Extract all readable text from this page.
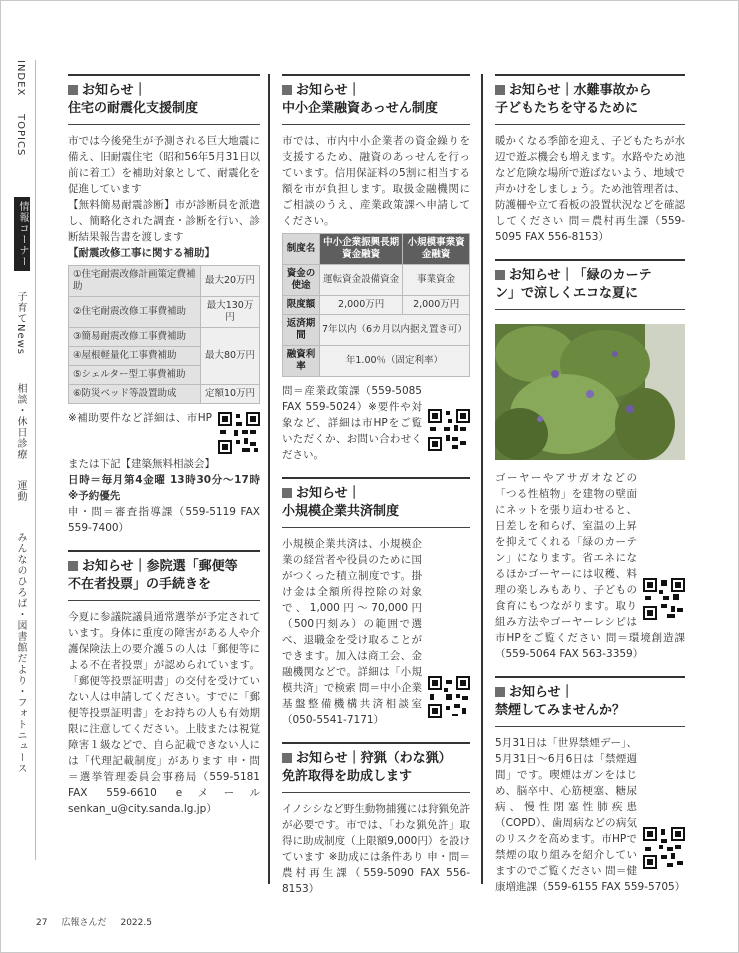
INDEX
TOPICS
情報コーナー
子育てNews
相談・休日診療
運動
みんなのひろば・図書館だより・フォトニュース
お知らせ｜
住宅の耐震化支援制度

市では今後発生が予測される巨大地震に備え、旧耐震住宅（昭和56年5月31日以前に着工）を補助対象として、耐震化を促進しています

【無料簡易耐震診断】市が診断員を派遣し、簡略化された調査・診断を行い、診断結果報告書を渡します

【耐震改修工事に関する補助】

①住宅耐震改修計画策定費補助	最大20万円
②住宅耐震改修工事費補助	最大130万円
③簡易耐震改修工事費補助	最大80万円
④屋根軽量化工事費補助	
⑤シェルター型工事費補助	
⑥防災ベッド等設置助成	定額10万円

※補助要件など詳細は、市HPまたは下記【建築無料相談会】

日時＝毎月第4金曜 13時30分～17時 ※予約優先

申・問＝審査指導課（559-5119 FAX 559-7400）

お知らせ｜参院選「郵便等
不在者投票」の手続きを

今夏に参議院議員通常選挙が予定されています。身体に重度の障害がある人や介護保険法上の要介護５の人は「郵便等による不在者投票」が認められています。「郵便等投票証明書」の交付を受けていない人は申請してください。すでに「郵便等投票証明書」をお持ちの人も有効期限に注意してください。上肢または視覚障害１級などで、自ら記載できない人には「代理記載制度」があります 申・問＝選挙管理委員会事務局（559-5181 FAX 559-6610 eメール senkan_u@city.sanda.lg.jp）

お知らせ｜
中小企業融資あっせん制度

市では、市内中小企業者の資金繰りを支援するため、融資のあっせんを行っています。信用保証料の5割に相当する額を市が負担します。取扱金融機関にご相談のうえ、産業政策課へ申請してください。

制度名	中小企業振興長期資金融資	小規模事業資金融資
資金の使途	運転資金設備資金	事業資金
限度額	2,000万円	2,000万円
返済期間	7年以内（6カ月以内据え置き可）	
融資利率	年1.00％（固定利率）	

問＝産業政策課（559-5085 FAX 559-5024）※要件や対象など、詳細は市HPをご覧いただくか、お問い合わせください。

お知らせ｜
小規模企業共済制度

小規模企業共済は、小規模企業の経営者や役員のために国がつくった積立制度です。掛け金は全額所得控除の対象で、1,000円～70,000円（500円刻み）の範囲で選べ、退職金を受け取ることができます。加入は商工会、金融機関などで。詳細は「小規模共済」で検索 問＝中小企業基盤整備機構共済相談室（050-5541-7171）

お知らせ｜狩猟（わな猟）
免許取得を助成します

イノシシなど野生動物捕獲には狩猟免許が必要です。市では、「わな猟免許」取得に助成制度（上限額9,000円）を設けています ※助成には条件あり 申・問＝農村再生課（559-5090 FAX 556-8153）

お知らせ｜水難事故から
子どもたちを守るために

暖かくなる季節を迎え、子どもたちが水辺で遊ぶ機会も増えます。水路やため池など危険な場所で遊ばないよう、地域で声かけをしましょう。ため池管理者は、防護柵や立て看板の設置状況などを確認してください 問＝農村再生課（559-5095 FAX 556-8153）

お知らせ｜「緑のカーテ
ン」で涼しくエコな夏に

ゴーヤーやアサガオなどの「つる性植物」を建物の壁面にネットを張り這わせると、日差しを和らげ、室温の上昇を抑えてくれる「緑のカーテン」になります。省エネになるほかゴーヤーには収穫、料理の楽しみもあり、子どもの食育にもつながります。取り組み方法やゴーヤーレシピは市HPをご覧ください 問＝環境創造課（559-5064 FAX 563-3359）

お知らせ｜
禁煙してみませんか？

5月31日は「世界禁煙デー」、5月31日～6月6日は「禁煙週間」です。喫煙はガンをはじめ、脳卒中、心筋梗塞、糖尿病、慢性閉塞性肺疾患（COPD）、歯周病などの病気のリスクを高めます。市HPで禁煙の取り組みを紹介していますのでご覧ください 問＝健康増進課（559-6155 FAX 559-5705）

27 広報さんだ 2022.5
